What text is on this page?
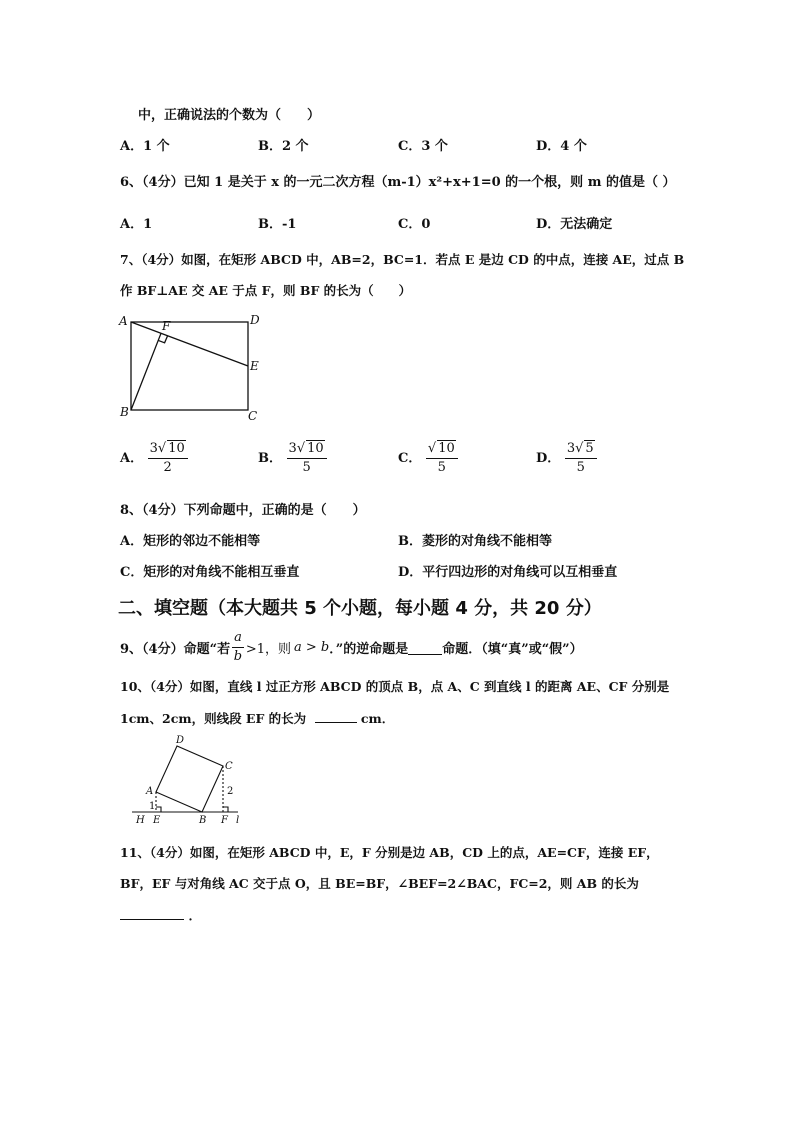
中，正确说法的个数为（　　）
A．1 个	B．2 个	C．3 个	D．4 个
6、（4分）已知 1 是关于 x 的一元二次方程（m-1）x²+x+1=0 的一个根，则 m 的值是（ ）
A．1	B．-1	C．0	D．无法确定
7、（4分）如图，在矩形 ABCD 中，AB=2，BC=1．若点 E 是边 CD 的中点，连接 AE，过点 B
作 BF⊥AE 交 AE 于点 F，则 BF 的长为（　　）
A	F	D
E
B	C
A． $\frac{3√ 10}{2}$	B． $\frac{3√ 10}{5}$	C． $\frac{√ 10}{5}$	D． $\frac{3√ 5}{5}$
8、（4分）下列命题中，正确的是（　　）
A．矩形的邻边不能相等	B．菱形的对角线不能相等
C．矩形的对角线不能相互垂直	D．平行四边形的对角线可以互相垂直
二、填空题（本大题共 5 个小题，每小题 4 分，共 20 分）
9、（4分）命题“若 $\frac{a}{b} >1$，则 a > b ．”的逆命题是	命题．（填“真”或“假”）
10、（4分）如图，直线 l 过正方形 ABCD 的顶点 B，点 A、C 到直线 l 的距离 AE、CF 分别是
1cm、2cm，则线段 EF 的长为	cm．
D
C
A
H E	B F l
1
2
11、（4分）如图，在矩形 ABCD 中，E，F 分别是边 AB，CD 上的点，AE=CF，连接 EF，
BF，EF 与对角线 AC 交于点 O，且 BE=BF，∠BEF=2∠BAC，FC=2，则 AB 的长为
．
